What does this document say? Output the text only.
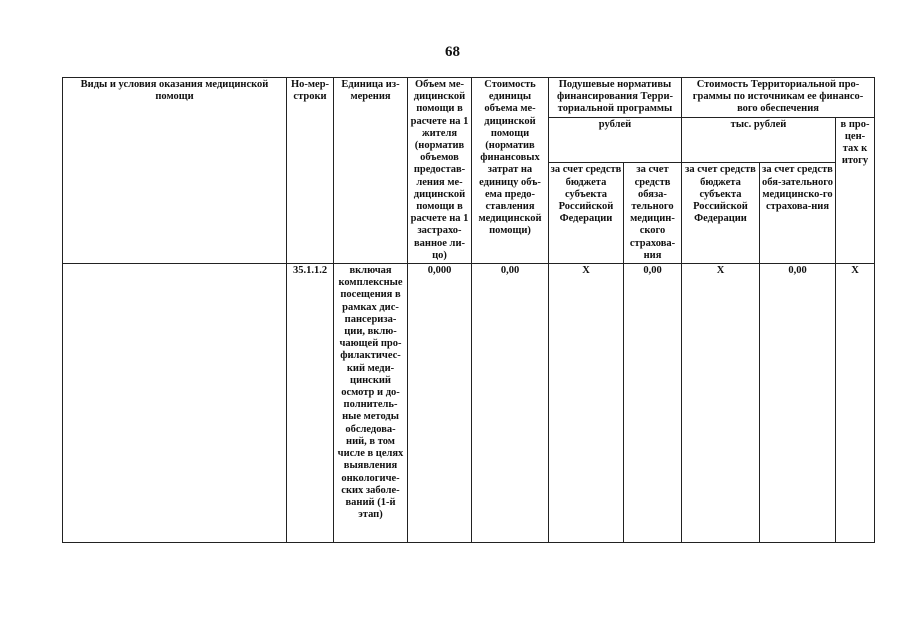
68
Виды и условия оказания медицинской помощи	Но-мер-строки	Единица из-мерения	Объем ме-дицинской помощи в расчете на 1 жителя (норматив объемов предостав-ления ме-дицинской помощи в расчете на 1 застрахо-ванное ли-цо)	Стоимость единицы объема ме-дицинской помощи (норматив финансовых затрат на единицу объ-ема предо-ставления медицинской помощи)	Подушевые нормативы финансирования Терри-ториальной программы		Стоимость Территориальной про-граммы по источникам ее финансо-вого обеспечения		
					рублей		тыс. рублей		в про-цен-тах к итогу
					за счет средств бюджета субъекта Российской Федерации	за счет средств обяза-тельного медицин-ского страхова-ния	за счет средств бюджета субъекта Российской Федерации	за счет средств обя-зательного медицинско-го страхова-ния	
	35.1.1.2	включая комплексные посещения в рамках дис-пансериза-ции, вклю-чающей про-филактичес-кий меди-цинский осмотр и до-полнитель-ные методы обследова-ний, в том числе в целях выявления онкологиче-ских заболе-ваний (1-й этап)	0,000	0,00	X	0,00	X	0,00	X
